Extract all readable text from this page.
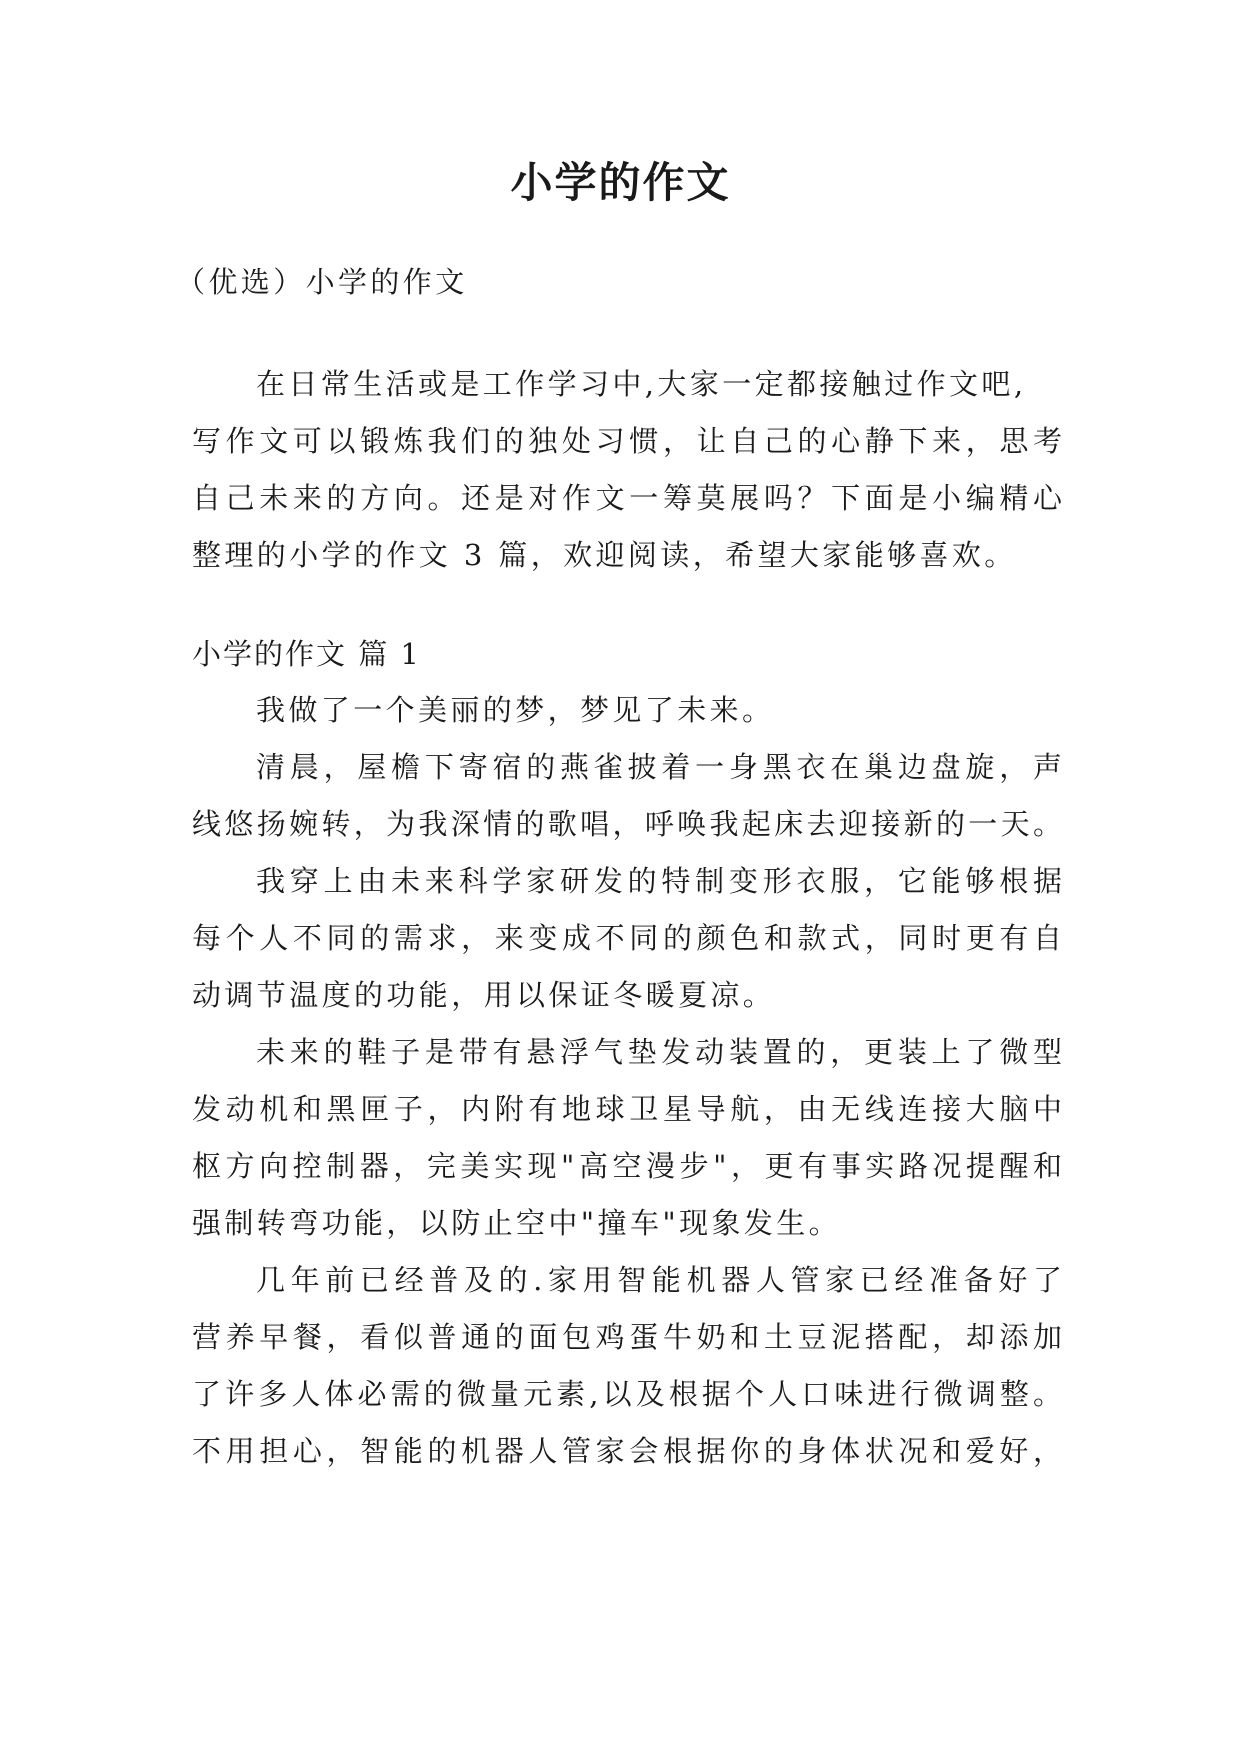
小学的作文
（优选）小学的作文
在日常生活或是工作学习中,大家一定都接触过作文吧,
写作文可以锻炼我们的独处习惯，让自己的心静下来，思考
自己未来的方向。还是对作文一筹莫展吗？下面是小编精心
整理的小学的作文 3 篇，欢迎阅读，希望大家能够喜欢。
小学的作文 篇 1
我做了一个美丽的梦，梦见了未来。
清晨，屋檐下寄宿的燕雀披着一身黑衣在巢边盘旋，声
线悠扬婉转，为我深情的歌唱，呼唤我起床去迎接新的一天。
我穿上由未来科学家研发的特制变形衣服，它能够根据
每个人不同的需求，来变成不同的颜色和款式，同时更有自
动调节温度的功能，用以保证冬暖夏凉。
未来的鞋子是带有悬浮气垫发动装置的，更装上了微型
发动机和黑匣子，内附有地球卫星导航，由无线连接大脑中
枢方向控制器，完美实现"高空漫步"，更有事实路况提醒和
强制转弯功能，以防止空中"撞车"现象发生。
几年前已经普及的.家用智能机器人管家已经准备好了
营养早餐，看似普通的面包鸡蛋牛奶和土豆泥搭配，却添加
了许多人体必需的微量元素,以及根据个人口味进行微调整。
不用担心，智能的机器人管家会根据你的身体状况和爱好，
